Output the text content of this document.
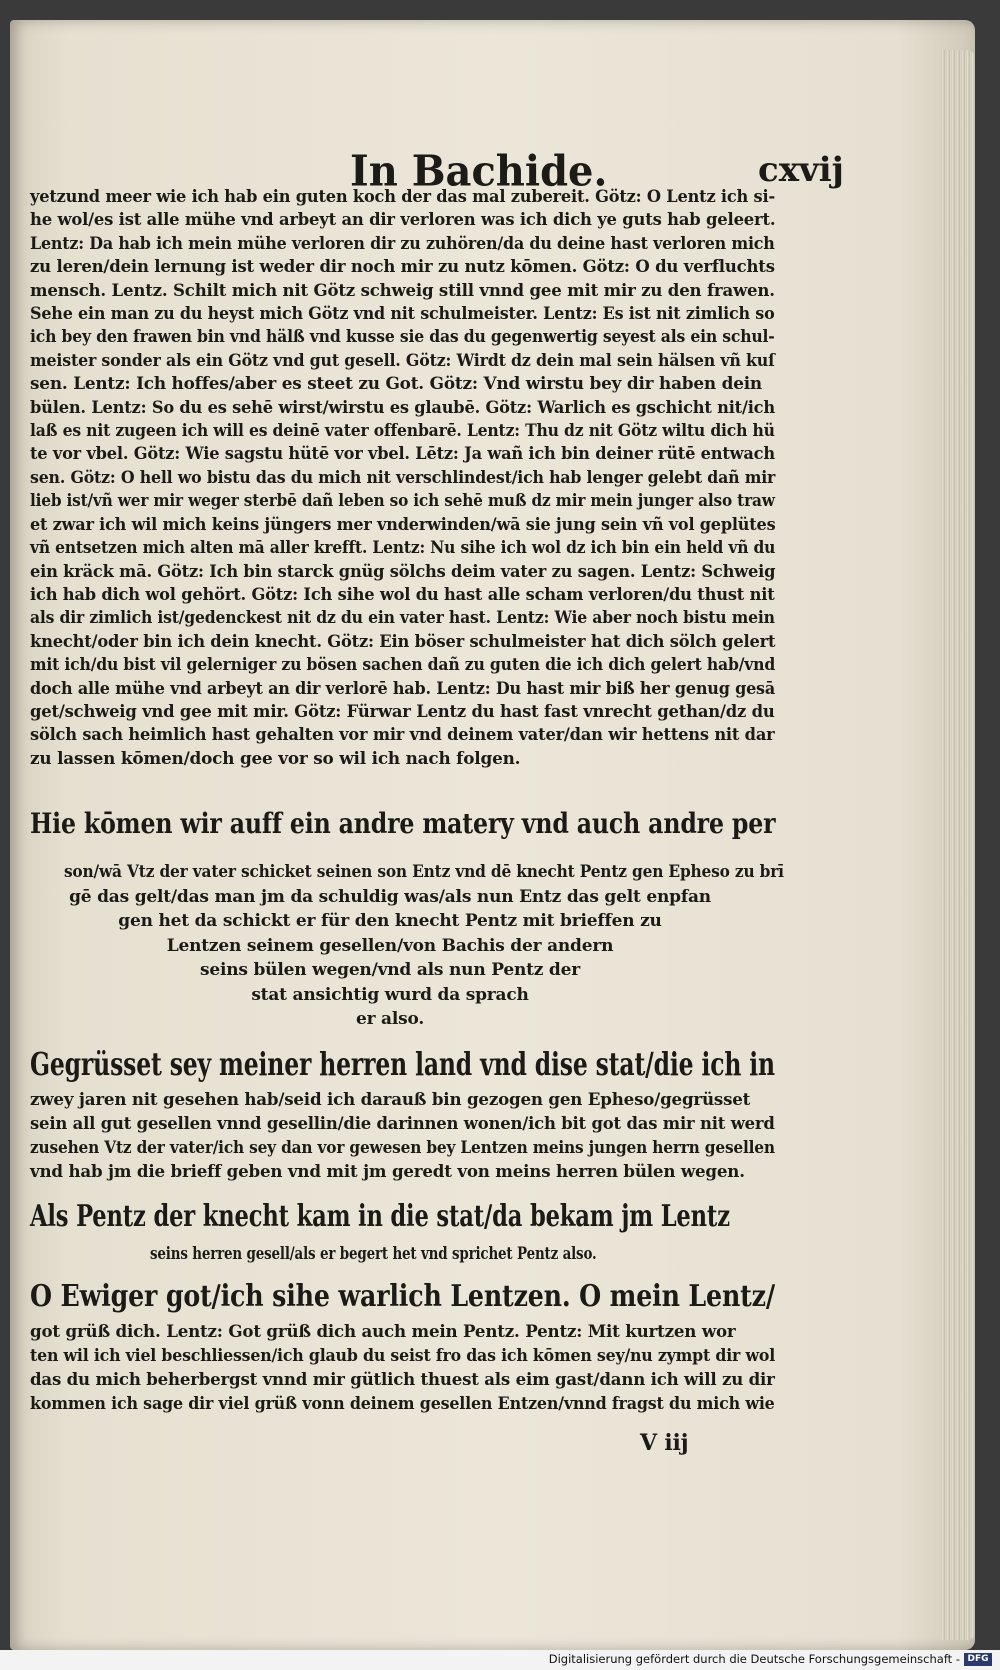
In Bachide.	cxvij
yetzund meer wie ich hab ein guten koch der das mal zubereit. Götz: O Lentz ich si-
he wol/es ist alle mühe vnd arbeyt an dir verloren was ich dich ye guts hab geleert.
Lentz: Da hab ich mein mühe verloren dir zu zuhören/da du deine hast verloren mich
zu leren/dein lernung ist weder dir noch mir zu nutz kōmen. Götz: O du verfluchts
mensch. Lentz. Schilt mich nit Götz schweig still vnnd gee mit mir zu den frawen.
Sehe ein man zu du heyst mich Götz vnd nit schulmeister. Lentz: Es ist nit zimlich so
ich bey den frawen bin vnd hälß vnd kusse sie das du gegenwertig seyest als ein schul-
meister sonder als ein Götz vnd gut gesell. Götz: Wirdt dz dein mal sein hälsen vñ kuſ
sen. Lentz: Ich hoffes/aber es steet zu Got. Götz: Vnd wirstu bey dir haben dein
bülen. Lentz: So du es sehē wirst/wirstu es glaubē. Götz: Warlich es gschicht nit/ich
laß es nit zugeen ich will es deinē vater offenbarē. Lentz: Thu dz nit Götz wiltu dich hü
te vor vbel. Götz: Wie sagstu hütē vor vbel. Lētz: Ja wañ ich bin deiner rütē entwach
sen. Götz: O hell wo bistu das du mich nit verschlindest/ich hab lenger gelebt dañ mir
lieb ist/vñ wer mir weger sterbē dañ leben so ich sehē muß dz mir mein junger also traw
et zwar ich wil mich keins jüngers mer vnderwinden/wā sie jung sein vñ vol geplütes
vñ entsetzen mich alten mā aller krefft. Lentz: Nu sihe ich wol dz ich bin ein held vñ du
ein kräck mā. Götz: Ich bin starck gnüg sölchs deim vater zu sagen. Lentz: Schweig
ich hab dich wol gehört. Götz: Ich sihe wol du hast alle scham verloren/du thust nit
als dir zimlich ist/gedenckest nit dz du ein vater hast. Lentz: Wie aber noch bistu mein
knecht/oder bin ich dein knecht. Götz: Ein böser schulmeister hat dich sölch gelert
mit ich/du bist vil gelerniger zu bösen sachen dañ zu guten die ich dich gelert hab/vnd
doch alle mühe vnd arbeyt an dir verlorē hab. Lentz: Du hast mir biß her genug gesā
get/schweig vnd gee mit mir. Götz: Fürwar Lentz du hast fast vnrecht gethan/dz du
sölch sach heimlich hast gehalten vor mir vnd deinem vater/dan wir hettens nit dar
zu lassen kōmen/doch gee vor so wil ich nach folgen.
Hie kōmen wir auff ein andre matery vnd auch andre per
son/wā Vtz der vater schicket seinen son Entz vnd dē knecht Pentz gen Epheso zu brī
gē das gelt/das man jm da schuldig was/als nun Entz das gelt enpfan
gen het da schickt er für den knecht Pentz mit brieffen zu
Lentzen seinem gesellen/von Bachis der andern
seins bülen wegen/vnd als nun Pentz der
stat ansichtig wurd da sprach
er also.
Gegrüsset sey meiner herren land vnd dise stat/die ich in
zwey jaren nit gesehen hab/seid ich darauß bin gezogen gen Epheso/gegrüsset
sein all gut gesellen vnnd gesellin/die darinnen wonen/ich bit got das mir nit werd
zusehen Vtz der vater/ich sey dan vor gewesen bey Lentzen meins jungen herrn gesellen
vnd hab jm die brieff geben vnd mit jm geredt von meins herren bülen wegen.
Als Pentz der knecht kam in die stat/da bekam jm Lentz
seins herren gesell/als er begert het vnd sprichet Pentz also.
O Ewiger got/ich sihe warlich Lentzen. O mein Lentz/
got grüß dich. Lentz: Got grüß dich auch mein Pentz. Pentz: Mit kurtzen wor
ten wil ich viel beschliessen/ich glaub du seist fro das ich kōmen sey/nu zympt dir wol
das du mich beherbergst vnnd mir gütlich thuest als eim gast/dann ich will zu dir
kommen ich sage dir viel grüß vonn deinem gesellen Entzen/vnnd fragst du mich wie
V iij
Digitalisierung gefördert durch die Deutsche Forschungsgemeinschaft - DFG
